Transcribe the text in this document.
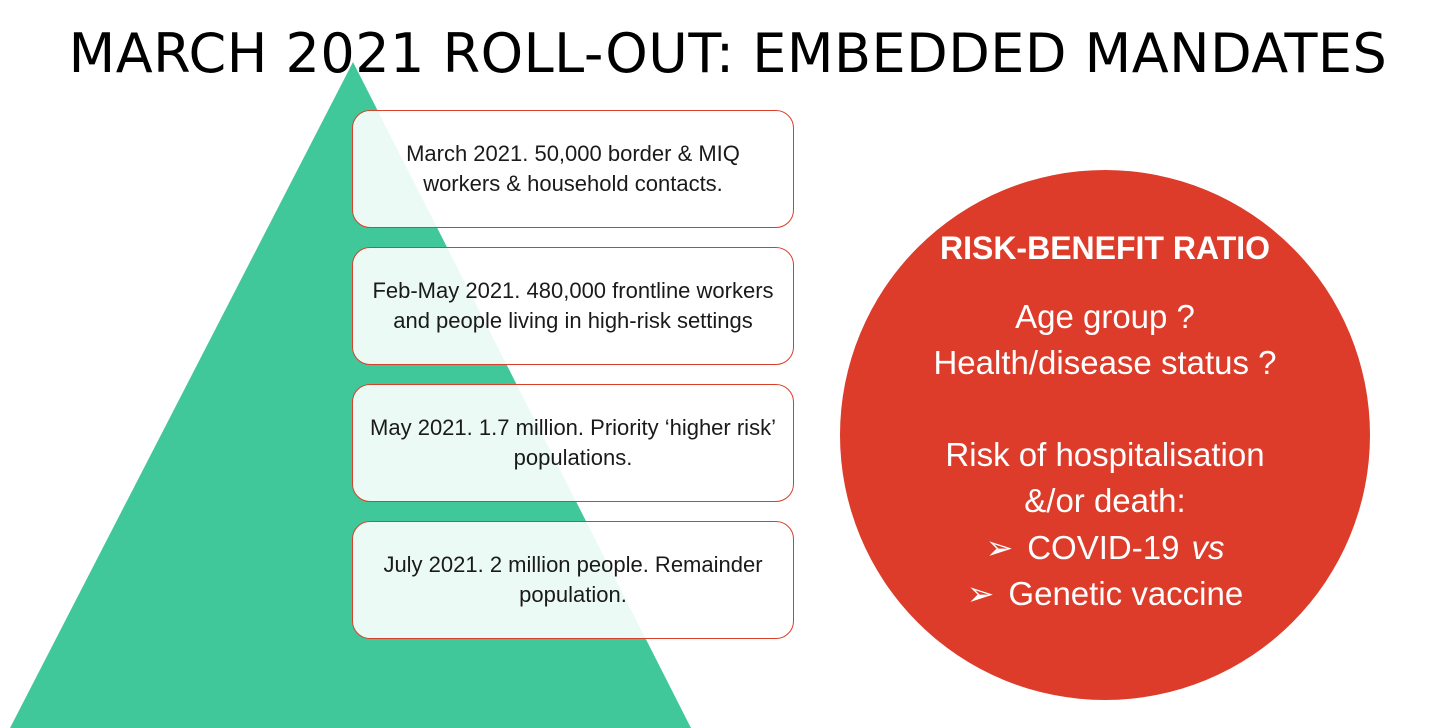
MARCH 2021 ROLL-OUT: EMBEDDED MANDATES
March 2021. 50,000 border & MIQ workers & household contacts.
Feb-May 2021. 480,000 frontline workers and people living in high-risk settings
May 2021. 1.7 million. Priority ‘higher risk’ populations.
July 2021. 2 million people. Remainder population.
RISK-BENEFIT RATIO
Age group ?
Health/disease status ?
Risk of hospitalisation
&/or death:
➢ COVID-19 vs
➢ Genetic vaccine
